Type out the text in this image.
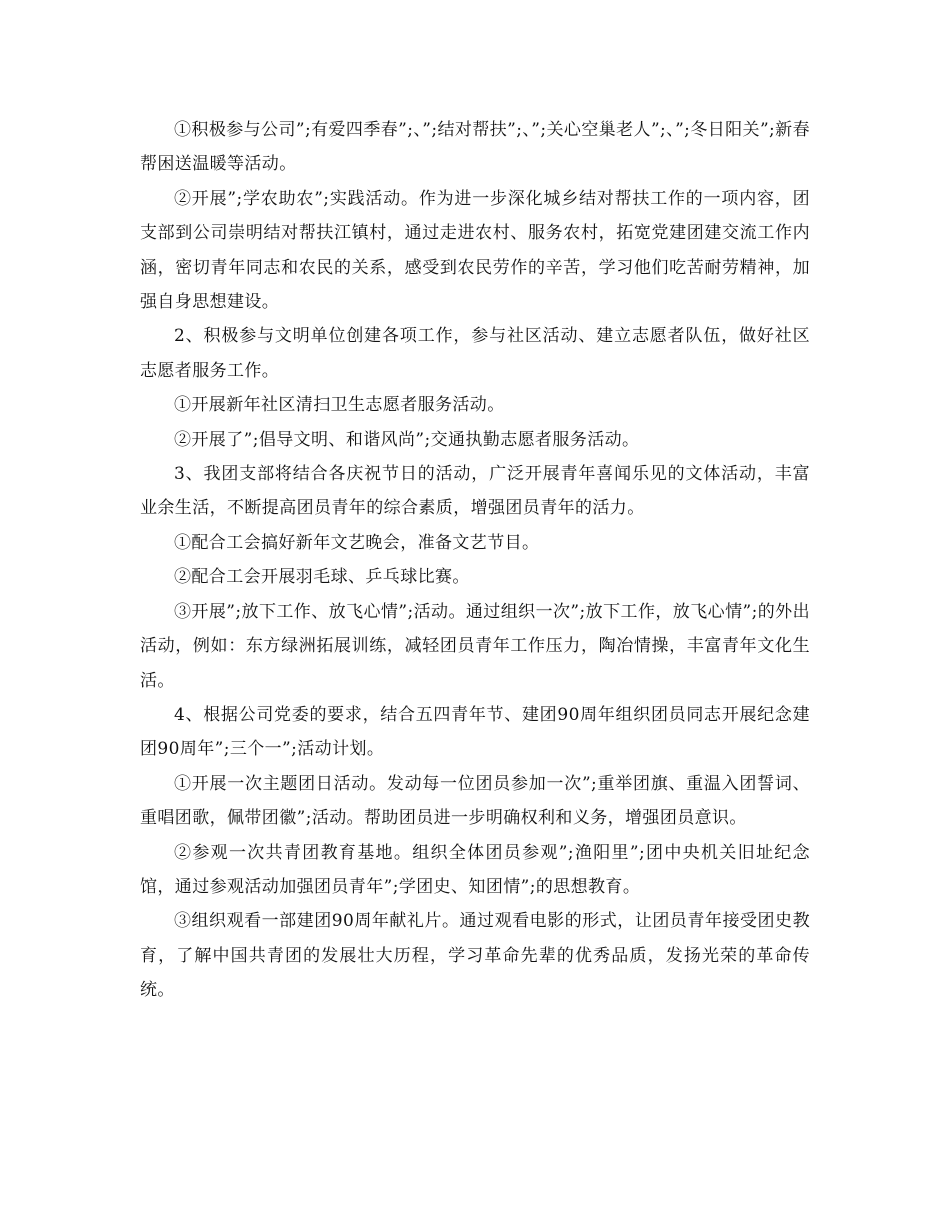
①积极参与公司”;有爱四季春”;、”;结对帮扶”;、”;关心空巢老人”;、”;冬日阳关”;新春帮困送温暖等活动。

②开展”;学农助农”;实践活动。作为进一步深化城乡结对帮扶工作的一项内容，团支部到公司崇明结对帮扶江镇村，通过走进农村、服务农村，拓宽党建团建交流工作内涵，密切青年同志和农民的关系，感受到农民劳作的辛苦，学习他们吃苦耐劳精神，加强自身思想建设。

2、积极参与文明单位创建各项工作，参与社区活动、建立志愿者队伍，做好社区志愿者服务工作。

①开展新年社区清扫卫生志愿者服务活动。

②开展了”;倡导文明、和谐风尚”;交通执勤志愿者服务活动。

3、我团支部将结合各庆祝节日的活动，广泛开展青年喜闻乐见的文体活动，丰富业余生活，不断提高团员青年的综合素质，增强团员青年的活力。

①配合工会搞好新年文艺晚会，准备文艺节目。

②配合工会开展羽毛球、乒乓球比赛。

③开展”;放下工作、放飞心情”;活动。通过组织一次”;放下工作，放飞心情”;的外出活动，例如：东方绿洲拓展训练，减轻团员青年工作压力，陶冶情操，丰富青年文化生活。

4、根据公司党委的要求，结合五四青年节、建团90周年组织团员同志开展纪念建团90周年”;三个一”;活动计划。

①开展一次主题团日活动。发动每一位团员参加一次”;重举团旗、重温入团誓词、重唱团歌，佩带团徽”;活动。帮助团员进一步明确权利和义务，增强团员意识。

②参观一次共青团教育基地。组织全体团员参观”;渔阳里”;团中央机关旧址纪念馆，通过参观活动加强团员青年”;学团史、知团情”;的思想教育。

③组织观看一部建团90周年献礼片。通过观看电影的形式，让团员青年接受团史教育，了解中国共青团的发展壮大历程，学习革命先辈的优秀品质，发扬光荣的革命传统。
